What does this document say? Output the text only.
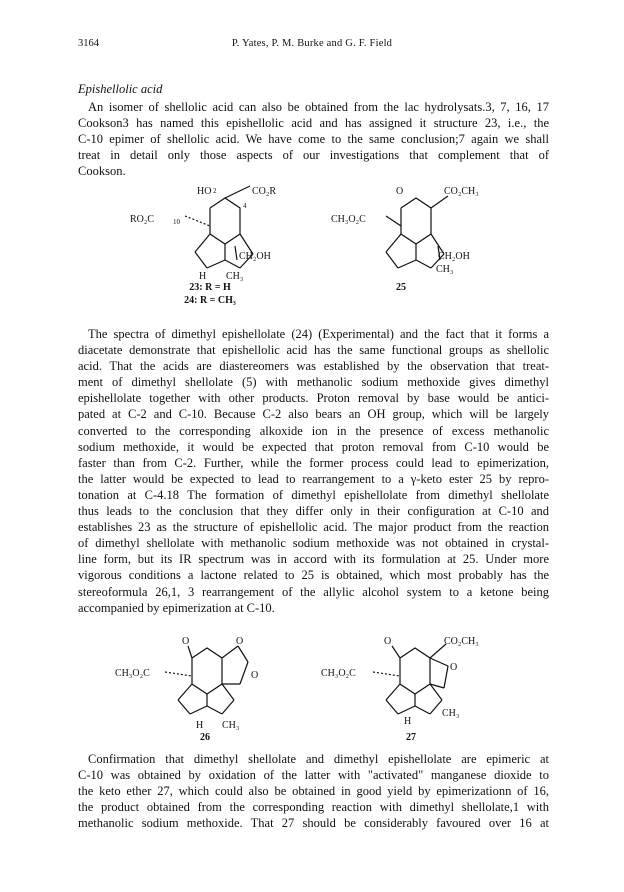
3164	P. Yates, P. M. Burke and G. F. Field
Epishellolic acid
An isomer of shellolic acid can also be obtained from the lac hydrolysats.3, 7, 16, 17
Cookson3 has named this epishellolic acid and has assigned it structure 23, i.e., the
C-10 epimer of shellolic acid. We have come to the same conclusion;7 again we shall
treat in detail only those aspects of our investigations that complement that of
Cookson.
HO 2	CO₂R
4
RO₂C	10
CH₂OH
H CH₃
23: R = H
24: R = CH₃
O	CO₂CH₃
CH₃O₂C
CH₂OH
CH₃
25
The spectra of dimethyl epishellolate (24) (Experimental) and the fact that it forms a
diacetate demonstrate that epishellolic acid has the same functional groups as shellolic
acid. That the acids are diastereomers was established by the observation that treat-
ment of dimethyl shellolate (5) with methanolic sodium methoxide gives dimethyl
epishellolate together with other products. Proton removal by base would be antici-
pated at C-2 and C-10. Because C-2 also bears an OH group, which will be largely
converted to the corresponding alkoxide ion in the presence of excess methanolic
sodium methoxide, it would be expected that proton removal from C-10 would be
faster than from C-2. Further, while the former process could lead to epimerization,
the latter would be expected to lead to rearrangement to a γ-keto ester 25 by repro-
tonation at C-4.18 The formation of dimethyl epishellolate from dimethyl shellolate
thus leads to the conclusion that they differ only in their configuration at C-10 and
establishes 23 as the structure of epishellolic acid. The major product from the reaction
of dimethyl shellolate with methanolic sodium methoxide was not obtained in crystal-
line form, but its IR spectrum was in accord with its formulation at 25. Under more
vigorous conditions a lactone related to 25 is obtained, which most probably has the
stereoformula 26,1, 3 rearrangement of the allylic alcohol system to a ketone being
accompanied by epimerization at C-10.
O	O
CH₃O₂C	O
H CH₃
26
O	CO₂CH₃
O
CH₃O₂C
H
CH₃
27
Confirmation that dimethyl shellolate and dimethyl epishellolate are epimeric at
C-10 was obtained by oxidation of the latter with "activated" manganese dioxide to
the keto ether 27, which could also be obtained in good yield by epimerizationn of 16,
the product obtained from the corresponding reaction with dimethyl shellolate,1 with
methanolic sodium methoxide. That 27 should be considerably favoured over 16 at
